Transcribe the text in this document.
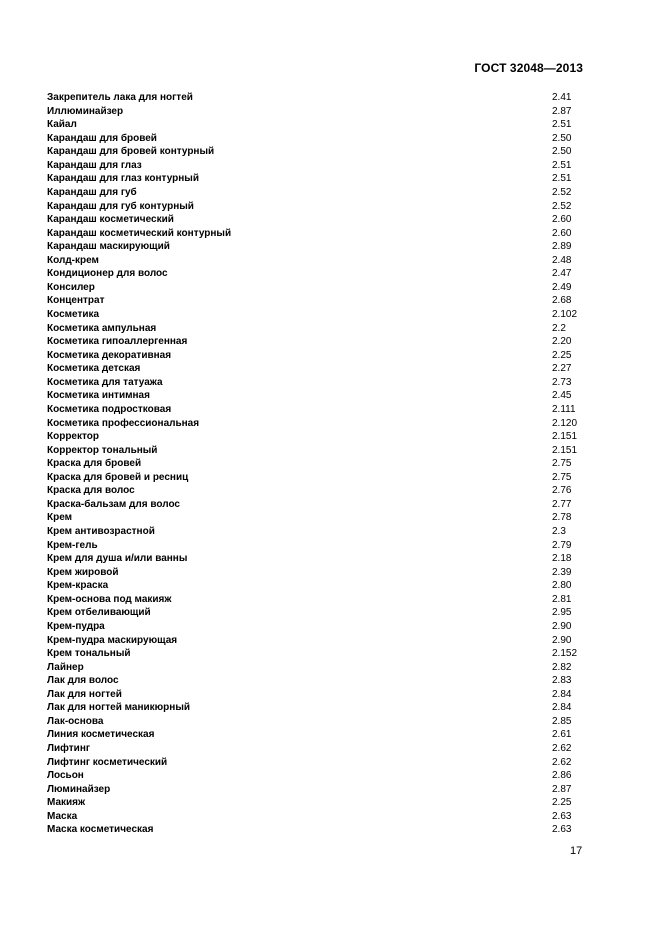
ГОСТ 32048—2013
Закрепитель лака для ногтей	2.41
Иллюминайзер	2.87
Кайал	2.51
Карандаш для бровей	2.50
Карандаш для бровей контурный	2.50
Карандаш для глаз	2.51
Карандаш для глаз контурный	2.51
Карандаш для губ	2.52
Карандаш для губ контурный	2.52
Карандаш косметический	2.60
Карандаш косметический контурный	2.60
Карандаш маскирующий	2.89
Колд-крем	2.48
Кондиционер для волос	2.47
Консилер	2.49
Концентрат	2.68
Косметика	2.102
Косметика ампульная	2.2
Косметика гипоаллергенная	2.20
Косметика декоративная	2.25
Косметика детская	2.27
Косметика для татуажа	2.73
Косметика интимная	2.45
Косметика подростковая	2.111
Косметика профессиональная	2.120
Корректор	2.151
Корректор тональный	2.151
Краска для бровей	2.75
Краска для бровей и ресниц	2.75
Краска для волос	2.76
Краска-бальзам для волос	2.77
Крем	2.78
Крем антивозрастной	2.3
Крем-гель	2.79
Крем для душа и/или ванны	2.18
Крем жировой	2.39
Крем-краска	2.80
Крем-основа под макияж	2.81
Крем отбеливающий	2.95
Крем-пудра	2.90
Крем-пудра маскирующая	2.90
Крем тональный	2.152
Лайнер	2.82
Лак для волос	2.83
Лак для ногтей	2.84
Лак для ногтей маникюрный	2.84
Лак-основа	2.85
Линия косметическая	2.61
Лифтинг	2.62
Лифтинг косметический	2.62
Лосьон	2.86
Люминайзер	2.87
Макияж	2.25
Маска	2.63
Маска косметическая	2.63
17
